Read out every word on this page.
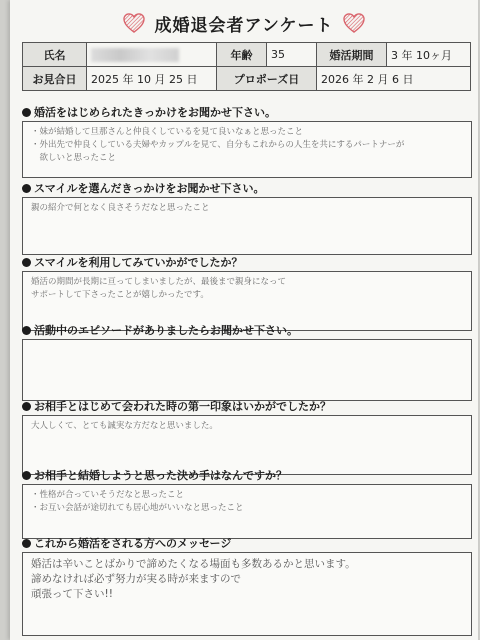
成婚退会者アンケート
氏名		年齢	35	婚活期間	3 年 10ヶ月
お見合日	2025 年 10 月 25 日	プロポーズ日		2026 年 2 月 6 日	
婚活をはじめられたきっかけをお聞かせ下さい。
・妹が結婚して旦那さんと仲良くしているを見て良いなぁと思ったこと
・外出先で仲良くしている夫婦やカップルを見て、自分もこれからの人生を共にするパートナーが
　欲しいと思ったこと
スマイルを選んだきっかけをお聞かせ下さい。
親の紹介で何となく良さそうだなと思ったこと
スマイルを利用してみていかがでしたか？
婚活の期間が長期に亘ってしまいましたが、最後まで親身になって
サポートして下さったことが嬉しかったです。
活動中のエピソードがありましたらお聞かせ下さい。
お相手とはじめて会われた時の第一印象はいかがでしたか？
大人しくて、とても誠実な方だなと思いました。
お相手と結婚しようと思った決め手はなんですか？
・性格が合っていそうだなと思ったこと
・お互い会話が途切れても居心地がいいなと思ったこと
これから婚活をされる方へのメッセージ
婚活は辛いことばかりで諦めたくなる場面も多数あるかと思います。
諦めなければ必ず努力が実る時が来ますので
頑張って下さい!!
